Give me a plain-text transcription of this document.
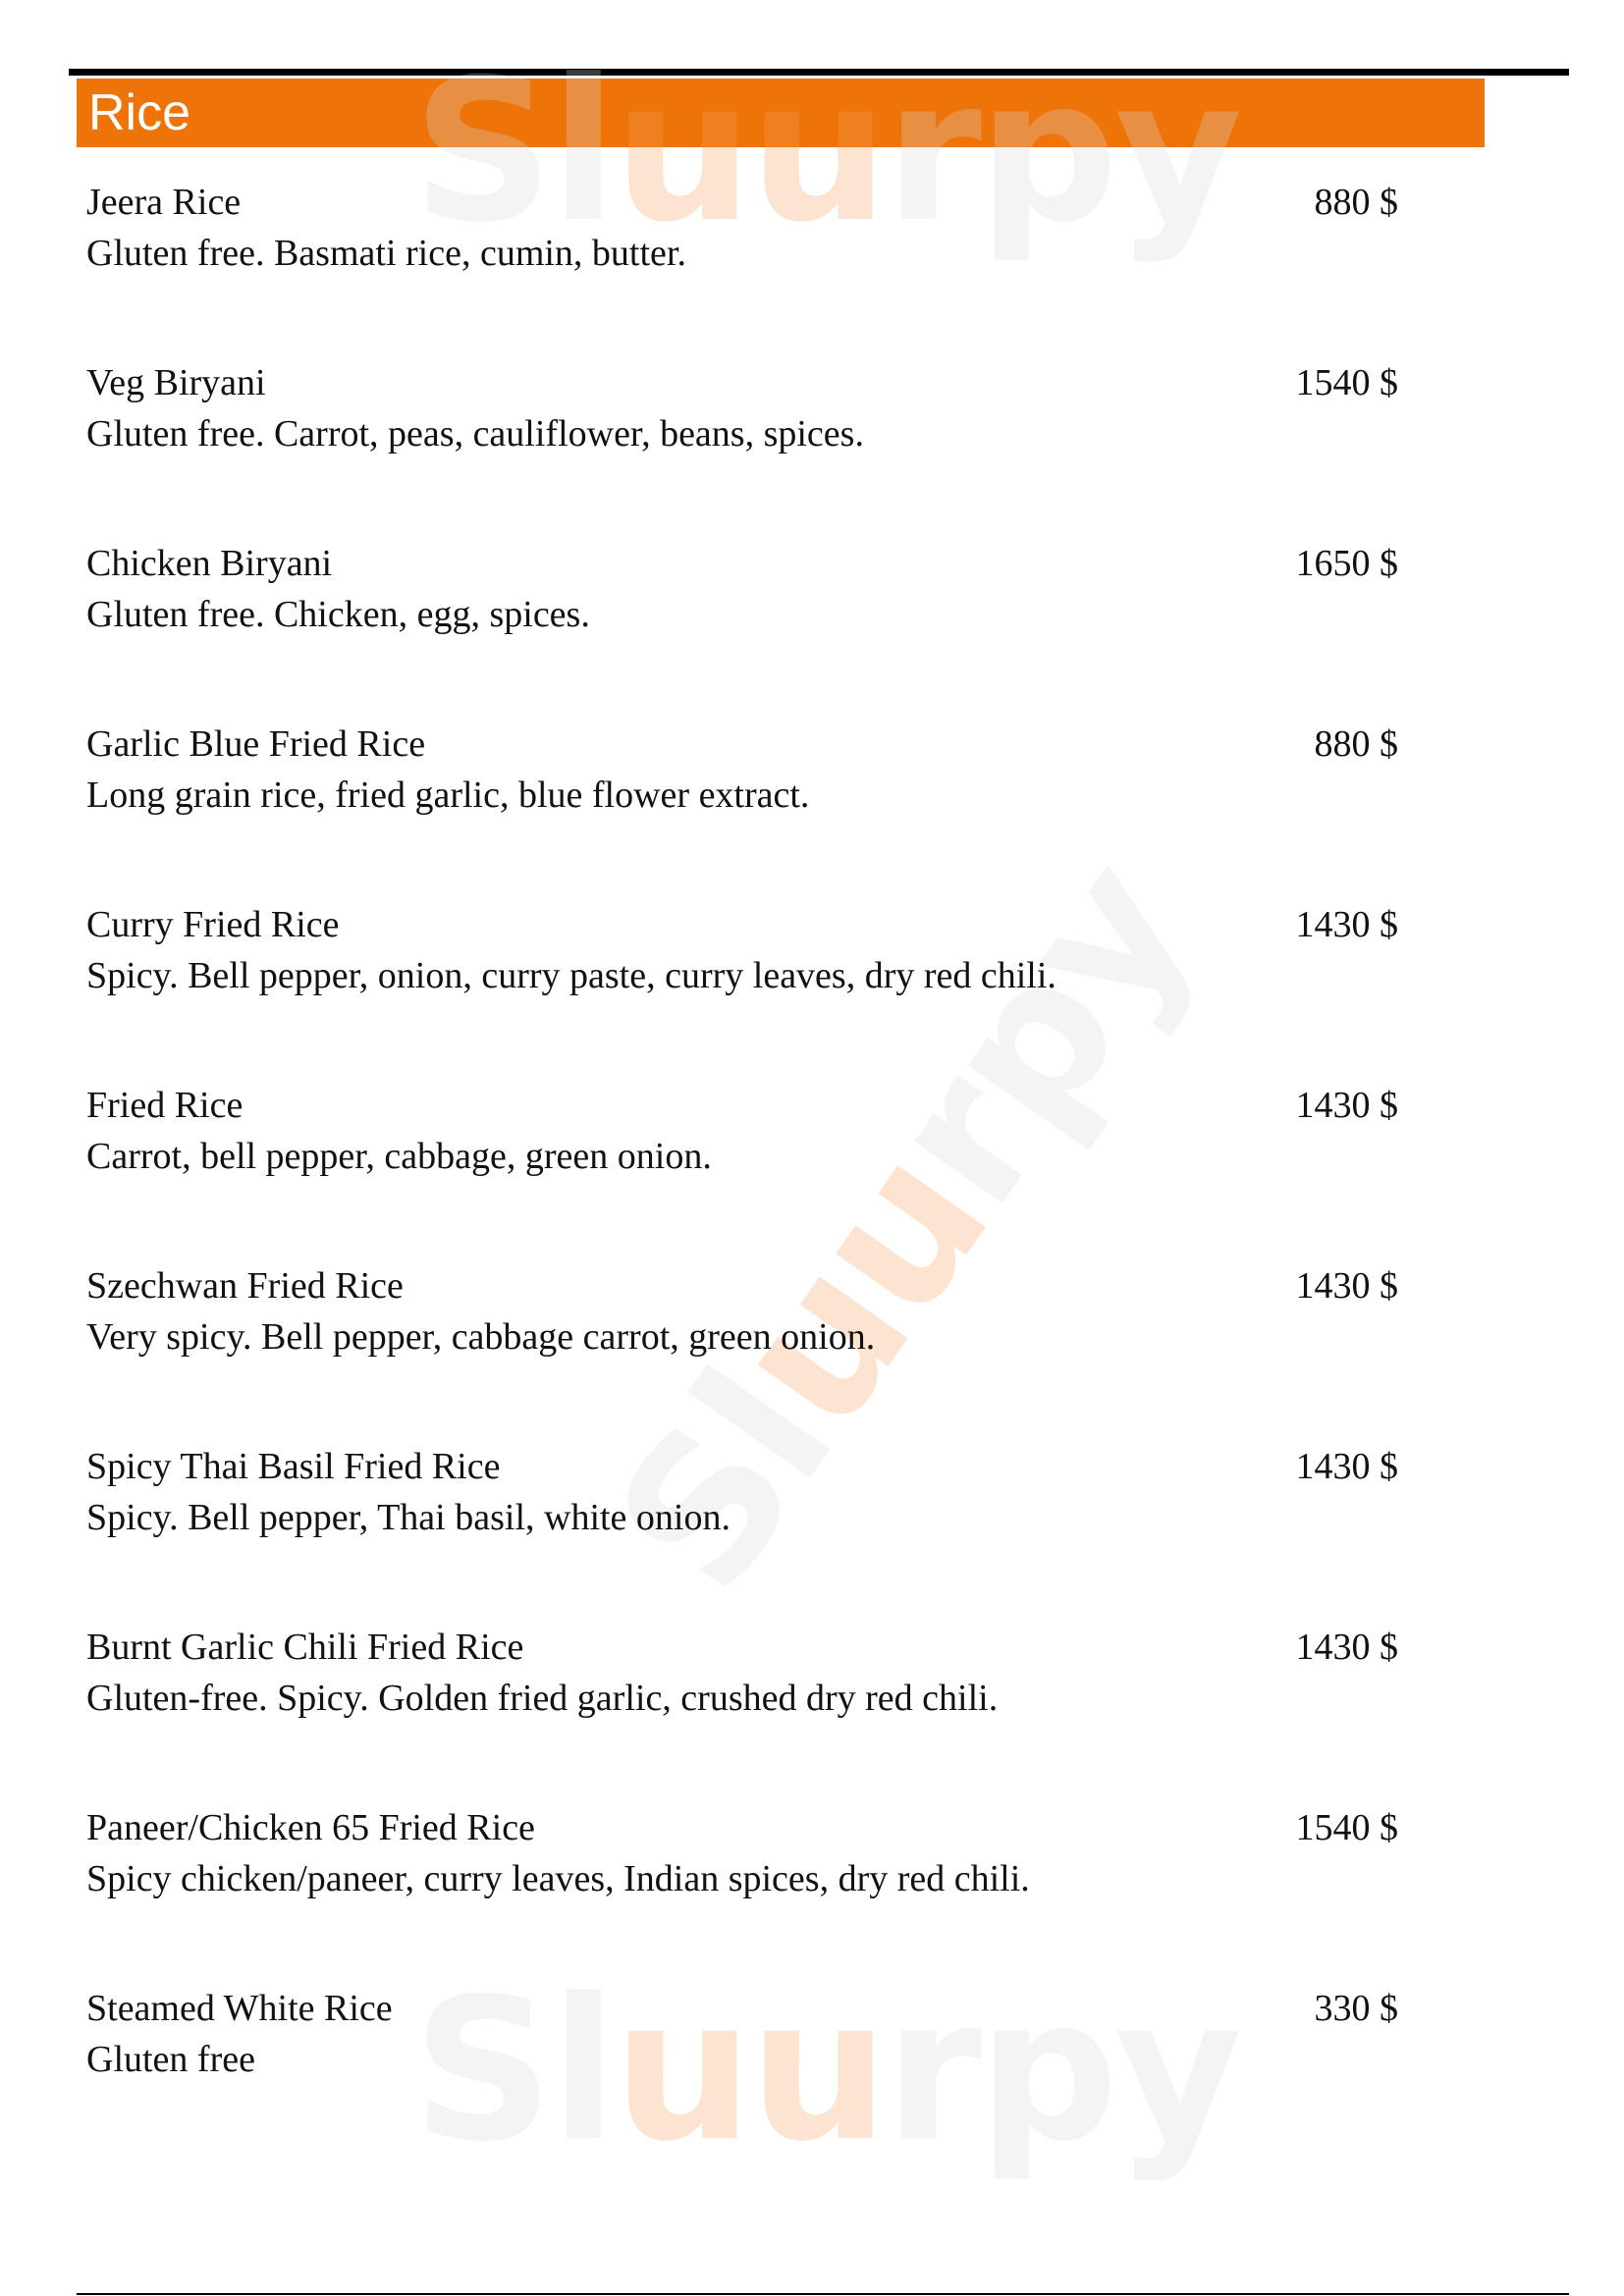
Rice Sluurpy
Sluurpy
Sluurpy
Jeera Rice
Gluten free. Basmati rice, cumin, butter.
880 $
Veg Biryani
Gluten free. Carrot, peas, cauliflower, beans, spices.
1540 $
Chicken Biryani
Gluten free. Chicken, egg, spices.
1650 $
Garlic Blue Fried Rice
Long grain rice, fried garlic, blue flower extract.
880 $
Curry Fried Rice
Spicy. Bell pepper, onion, curry paste, curry leaves, dry red chili.
1430 $
Fried Rice
Carrot, bell pepper, cabbage, green onion.
1430 $
Szechwan Fried Rice
Very spicy. Bell pepper, cabbage carrot, green onion.
1430 $
Spicy Thai Basil Fried Rice
Spicy. Bell pepper, Thai basil, white onion.
1430 $
Burnt Garlic Chili Fried Rice
Gluten-free. Spicy. Golden fried garlic, crushed dry red chili.
1430 $
Paneer/Chicken 65 Fried Rice
Spicy chicken/paneer, curry leaves, Indian spices, dry red chili.
1540 $
Steamed White Rice
Gluten free
330 $
